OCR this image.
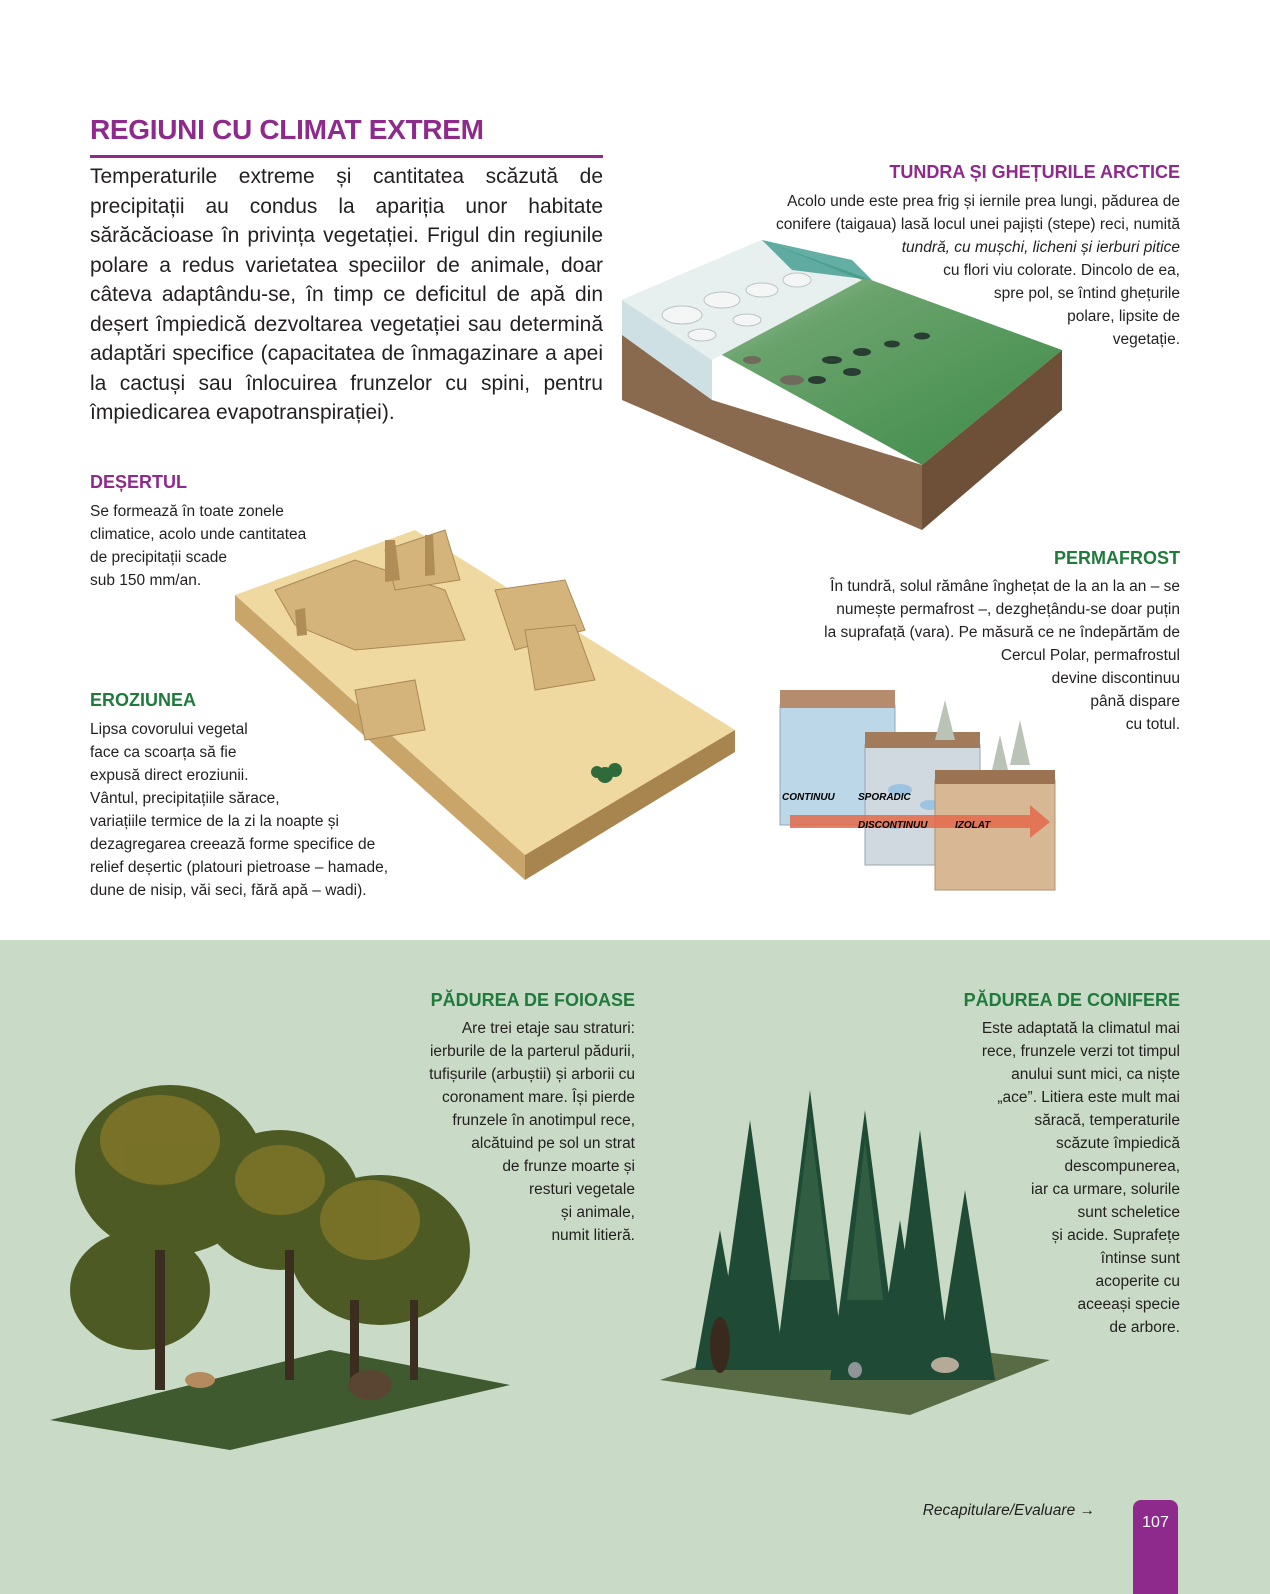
REGIUNI CU CLIMAT EXTREM
Temperaturile extreme și cantitatea scăzută de precipitații au condus la apariția unor habitate sărăcăcioase în privința vegetației. Frigul din regiunile polare a redus varietatea speciilor de animale, doar câteva adaptându-se, în timp ce deficitul de apă din deșert împiedică dezvoltarea vegetației sau determină adaptări specifice (capacitatea de înmagazinare a apei la cactuși sau înlocuirea frunzelor cu spini, pentru împiedicarea evapotranspirației).
TUNDRA ȘI GHEȚURILE ARCTICE
Acolo unde este prea frig și iernile prea lungi, pădurea de
conifere (taigaua) lasă locul unei pajiști (stepe) reci, numită
tundră, cu mușchi, licheni și ierburi pitice
cu flori viu colorate. Dincolo de ea,
spre pol, se întind ghețurile
polare, lipsite de
vegetație.
DEȘERTUL
Se formează în toate zonele
climatice, acolo unde cantitatea
de precipitații scade
sub 150 mm/an.
EROZIUNEA
Lipsa covorului vegetal
face ca scoarța să fie
expusă direct eroziunii.
Vântul, precipitațiile sărace,
variațiile termice de la zi la noapte și
dezagregarea creează forme specifice de
relief deșertic (platouri pietroase – hamade,
dune de nisip, văi seci, fără apă – wadi).
PERMAFROST
În tundră, solul rămâne înghețat de la an la an – se
numește permafrost –, dezghețându-se doar puțin
la suprafață (vara). Pe măsură ce ne îndepărtăm de
Cercul Polar, permafrostul
devine discontinuu
până dispare
cu totul.
CONTINUU SPORADIC
DISCONTINUU	IZOLAT
PĂDUREA DE FOIOASE
Are trei etaje sau straturi:
ierburile de la parterul pădurii,
tufișurile (arbuștii) și arborii cu
coronament mare. Își pierde
frunzele în anotimpul rece,
alcătuind pe sol un strat
de frunze moarte și
resturi vegetale
și animale,
numit litieră.
PĂDUREA DE CONIFERE
Este adaptată la climatul mai
rece, frunzele verzi tot timpul
anului sunt mici, ca niște
„ace”. Litiera este mult mai
săracă, temperaturile
scăzute împiedică
descompunerea,
iar ca urmare, solurile
sunt scheletice
și acide. Suprafețe
întinse sunt
acoperite cu
aceeași specie
de arbore.
Recapitulare/Evaluare →
107
